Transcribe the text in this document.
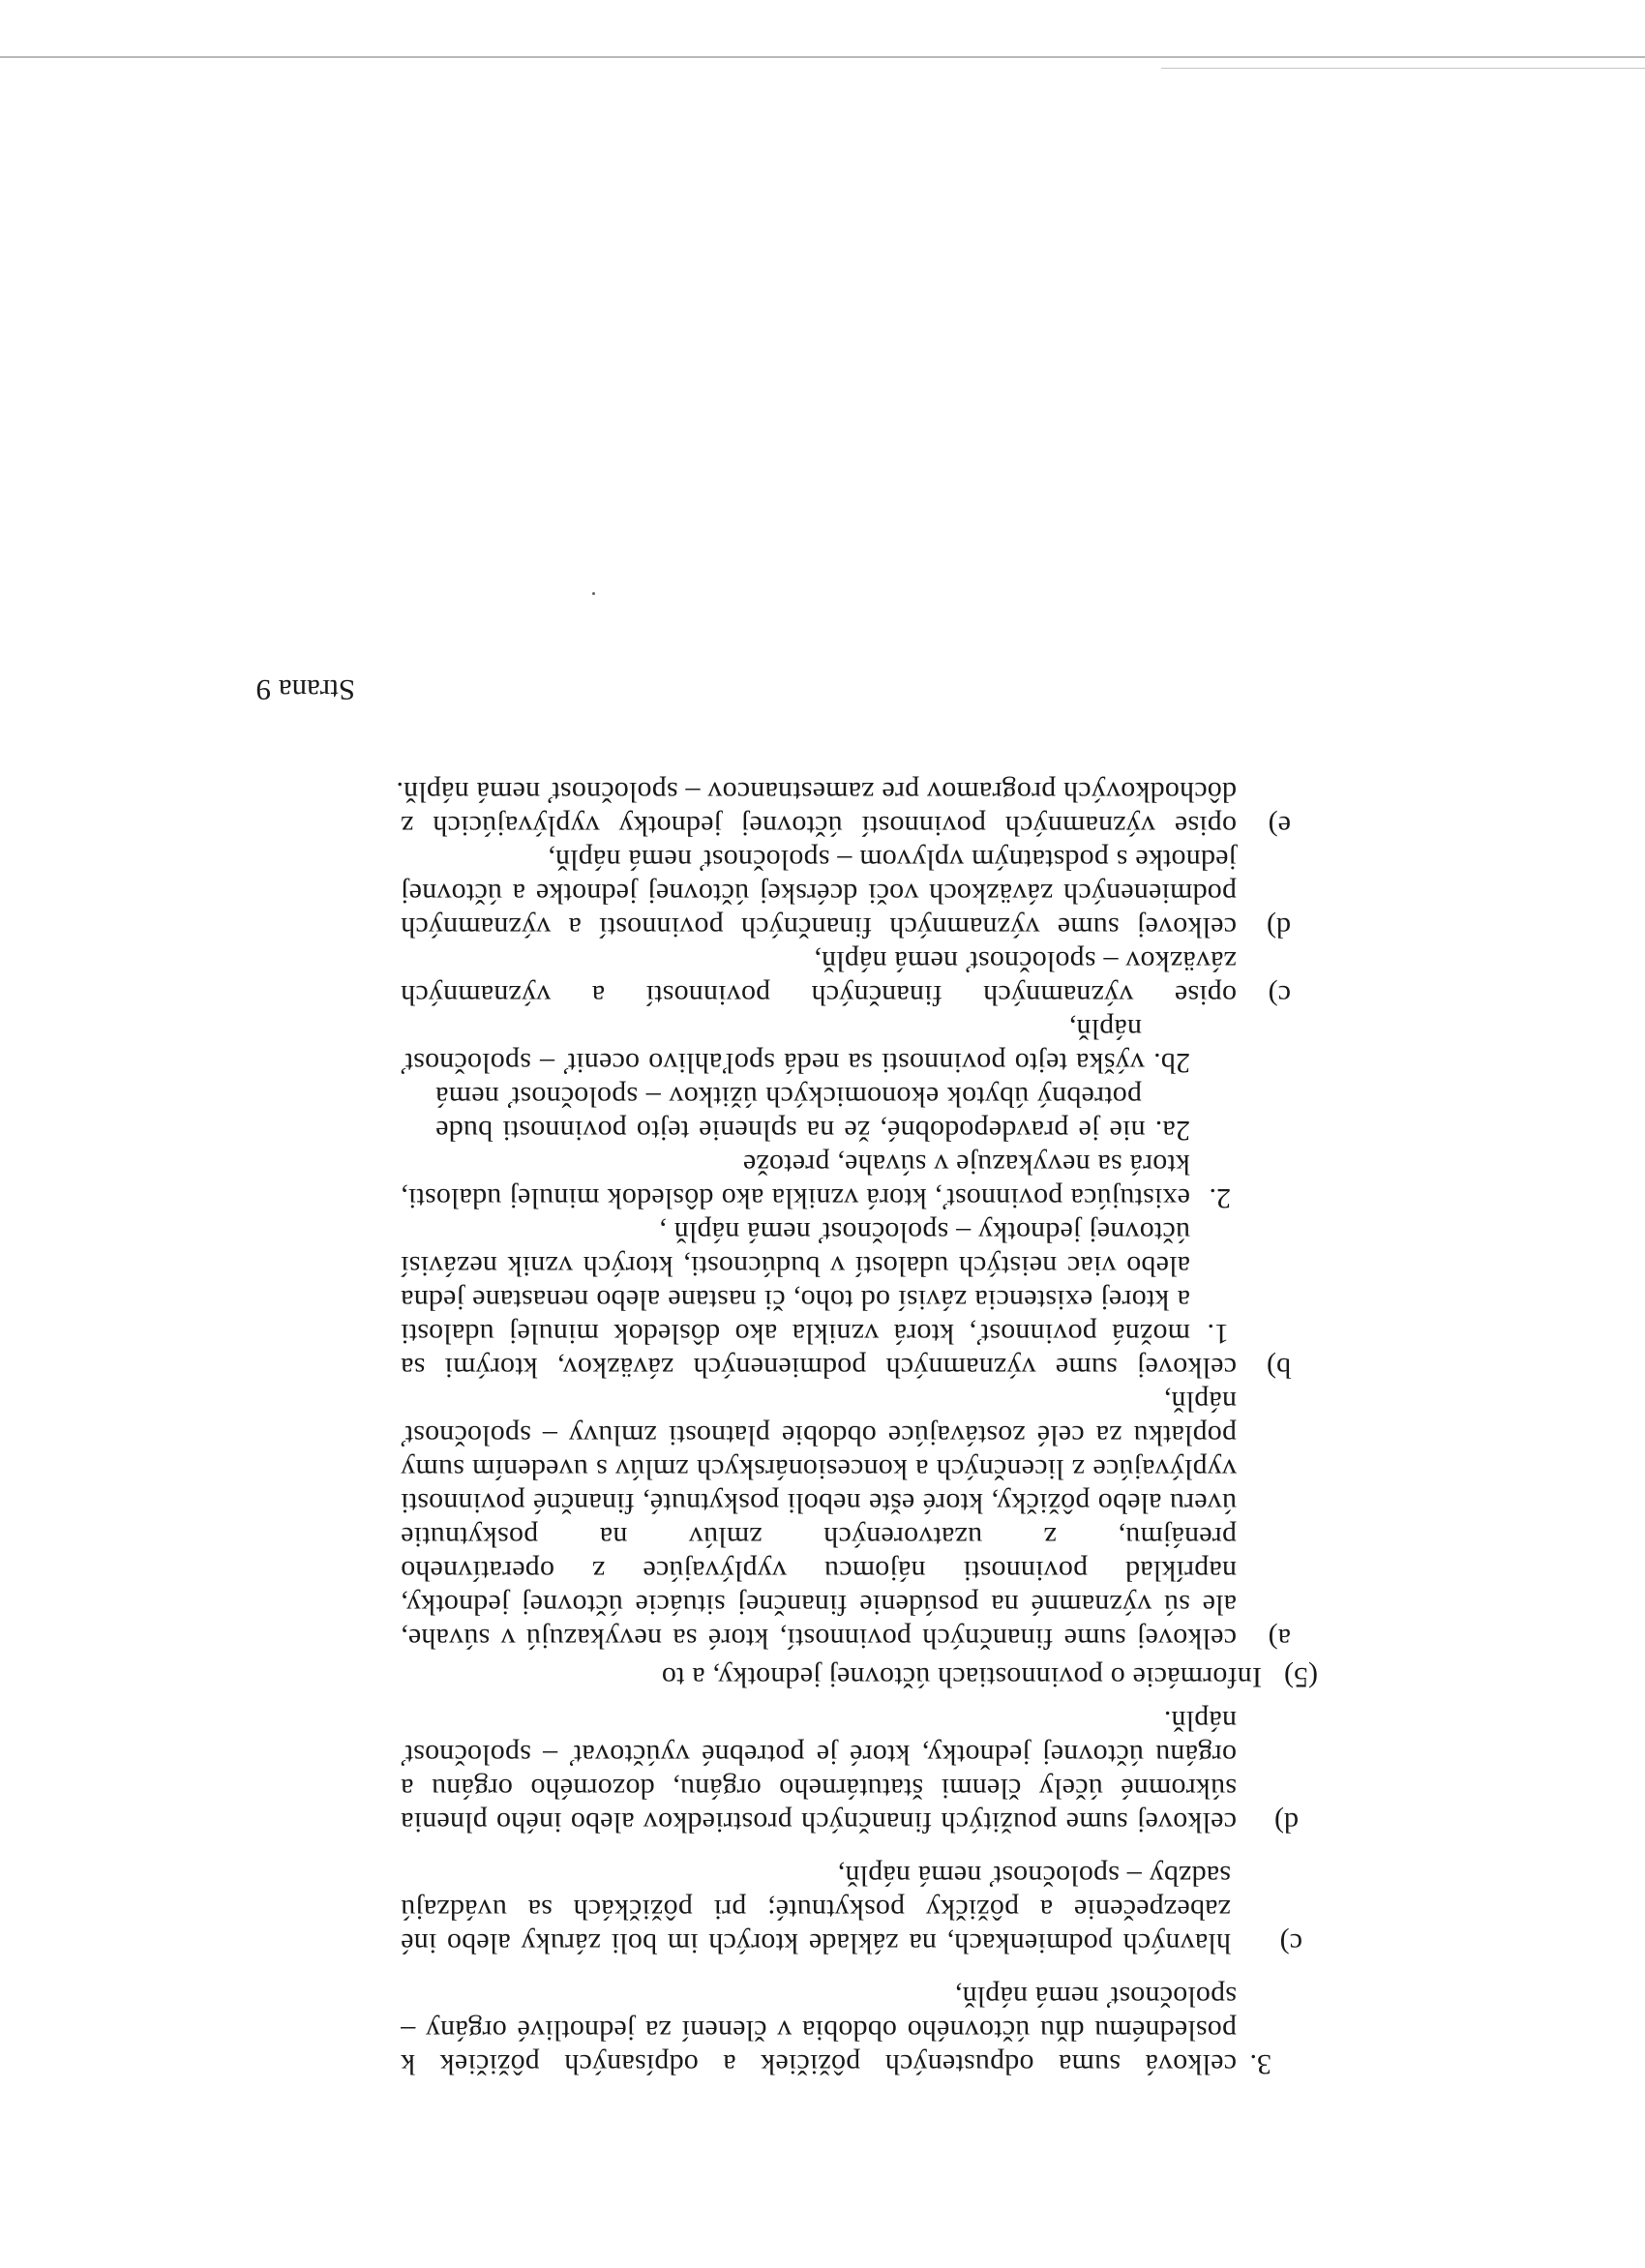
3.
celková suma odpustených pôžičiek a odpísaných pôžičiek k
poslednému dňu účtovného obdobia v členení za jednotlivé orgány –
spoločnosť nemá náplň,
c)
hlavných podmienkach, na základe ktorých im boli záruky alebo iné
zabezpečenie a pôžičky poskytnuté; pri pôžičkách sa uvádzajú
sadzby – spoločnosť nemá náplň,
d)
celkovej sume použitých finančných prostriedkov alebo iného plnenia
súkromné účely členmi štatutárneho orgánu, dozorného orgánu a
orgánu účtovnej jednotky, ktoré je potrebné vyúčtovať – spoločnosť
náplň.
(5)
Informácie o povinnostiach účtovnej jednotky, a to
a)
celkovej sume finančných povinností, ktoré sa nevykazujú v súvahe,
ale sú významné na posúdenie finančnej situácie účtovnej jednotky,
napríklad povinnosti nájomcu vyplývajúce z operatívneho
prenájmu, z uzatvorených zmlúv na poskytnutie
úveru alebo pôžičky, ktoré ešte neboli poskytnuté, finančné povinnosti
vyplývajúce z licenčných a koncesionárskych zmlúv s uvedením sumy
poplatku za celé zostávajúce obdobie platnosti zmluvy – spoločnosť
náplň,
b)
celkovej sume významných podmienených záväzkov, ktorými sa
1.
možná povinnosť, ktorá vznikla ako dôsledok minulej udalosti
a ktorej existencia závisí od toho, či nastane alebo nenastane jedna
alebo viac neistých udalostí v budúcnosti, ktorých vznik nezávisí
účtovnej jednotky – spoločnosť nemá náplň ,
2.
existujúca povinnosť, ktorá vznikla ako dôsledok minulej udalosti,
ktorá sa nevykazuje v súvahe, pretože
2a. nie je pravdepodobné, že na splnenie tejto povinnosti bude
potrebný úbytok ekonomických úžitkov – spoločnosť nemá
2b. výška tejto povinnosti sa nedá spoľahlivo oceniť – spoločnosť
náplň,
c)
opise významných finančných povinností a významných
záväzkov – spoločnosť nemá náplň,
d)
celkovej sume významných finančných povinností a významných
podmienených záväzkoch voči dcérskej účtovnej jednotke a účtovnej
jednotke s podstatným vplyvom – spoločnosť nemá náplň,
e)
opise významných povinností účtovnej jednotky vyplývajúcich z
dôchodkových programov pre zamestnancov – spoločnosť nemá náplň.
Strana 9
